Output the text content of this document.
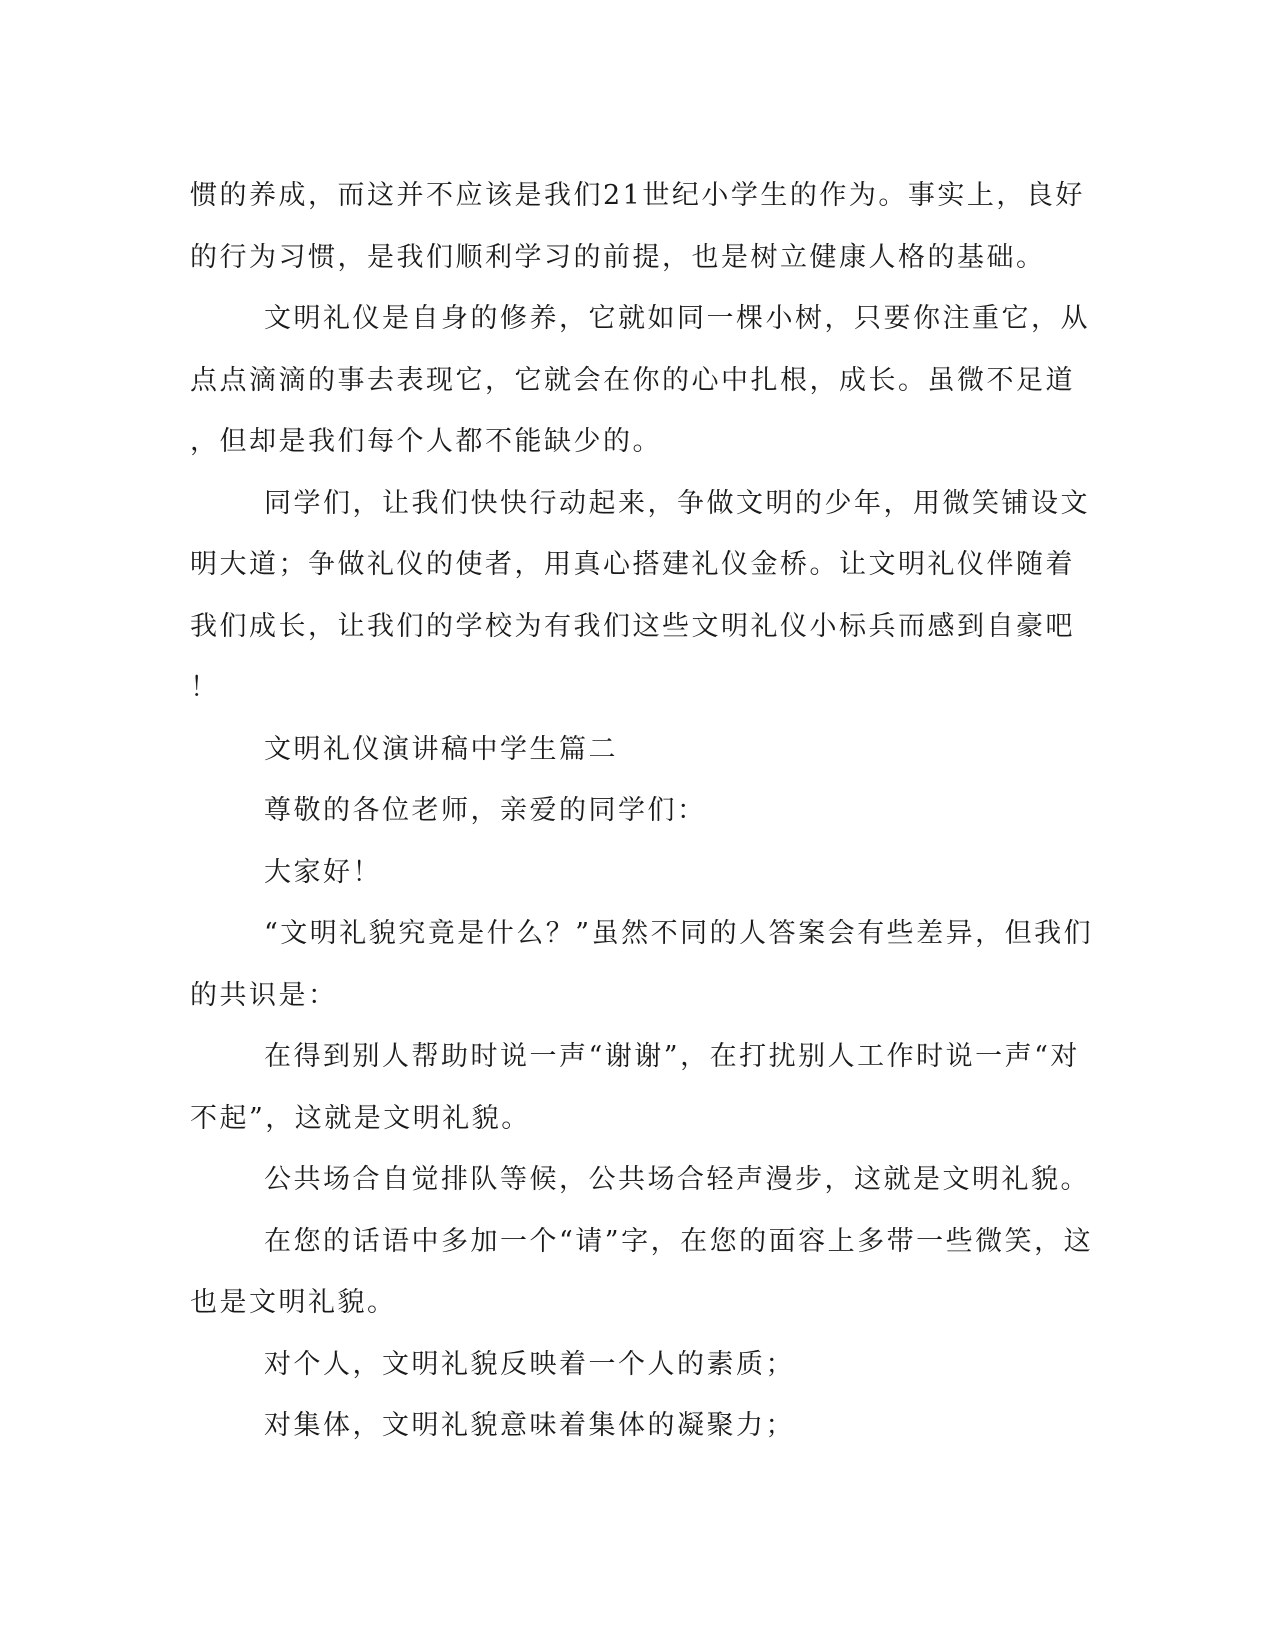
惯的养成，而这并不应该是我们21世纪小学生的作为。事实上，良好
的行为习惯，是我们顺利学习的前提，也是树立健康人格的基础。
文明礼仪是自身的修养，它就如同一棵小树，只要你注重它，从
点点滴滴的事去表现它，它就会在你的心中扎根，成长。虽微不足道
，但却是我们每个人都不能缺少的。
同学们，让我们快快行动起来，争做文明的少年，用微笑铺设文
明大道；争做礼仪的使者，用真心搭建礼仪金桥。让文明礼仪伴随着
我们成长，让我们的学校为有我们这些文明礼仪小标兵而感到自豪吧
！
文明礼仪演讲稿中学生篇二
尊敬的各位老师，亲爱的同学们：
大家好！
“文明礼貌究竟是什么？”虽然不同的人答案会有些差异，但我们
的共识是：
在得到别人帮助时说一声“谢谢”，在打扰别人工作时说一声“对
不起”，这就是文明礼貌。
公共场合自觉排队等候，公共场合轻声漫步，这就是文明礼貌。
在您的话语中多加一个“请”字，在您的面容上多带一些微笑，这
也是文明礼貌。
对个人，文明礼貌反映着一个人的素质；
对集体，文明礼貌意味着集体的凝聚力；
